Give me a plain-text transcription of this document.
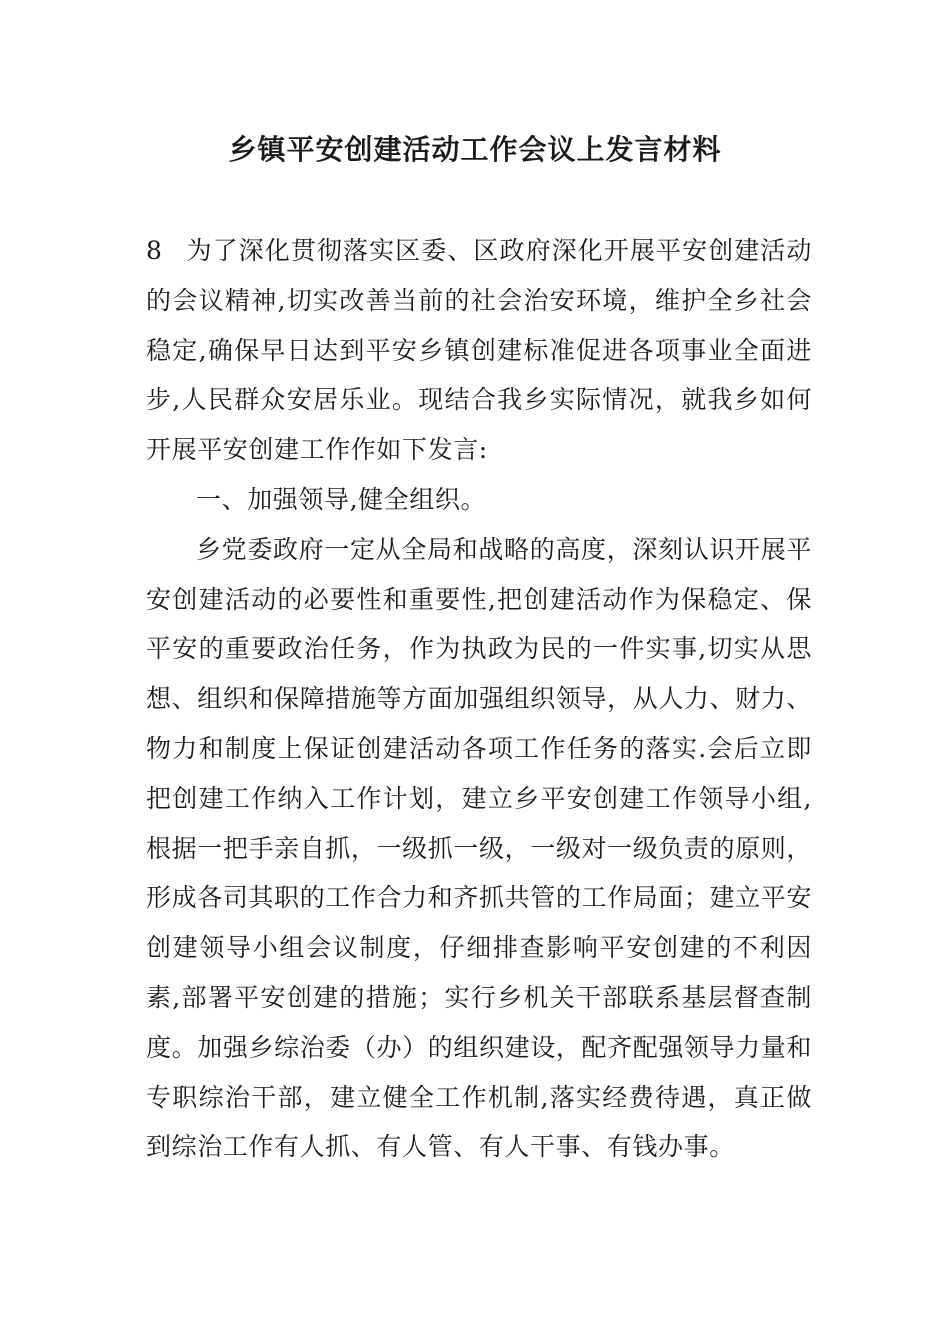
乡镇平安创建活动工作会议上发言材料

8 为了深化贯彻落实区委、区政府深化开展平安创建活动的会议精神,切实改善当前的社会治安环境，维护全乡社会稳定,确保早日达到平安乡镇创建标准促进各项事业全面进步,人民群众安居乐业。现结合我乡实际情况，就我乡如何开展平安创建工作作如下发言:

一、加强领导,健全组织。

乡党委政府一定从全局和战略的高度，深刻认识开展平安创建活动的必要性和重要性,把创建活动作为保稳定、保平安的重要政治任务，作为执政为民的一件实事,切实从思想、组织和保障措施等方面加强组织领导，从人力、财力、物力和制度上保证创建活动各项工作任务的落实.会后立即把创建工作纳入工作计划，建立乡平安创建工作领导小组,根据一把手亲自抓，一级抓一级，一级对一级负责的原则，形成各司其职的工作合力和齐抓共管的工作局面；建立平安创建领导小组会议制度，仔细排查影响平安创建的不利因素,部署平安创建的措施；实行乡机关干部联系基层督查制度。加强乡综治委（办）的组织建设，配齐配强领导力量和专职综治干部，建立健全工作机制,落实经费待遇，真正做到综治工作有人抓、有人管、有人干事、有钱办事。
